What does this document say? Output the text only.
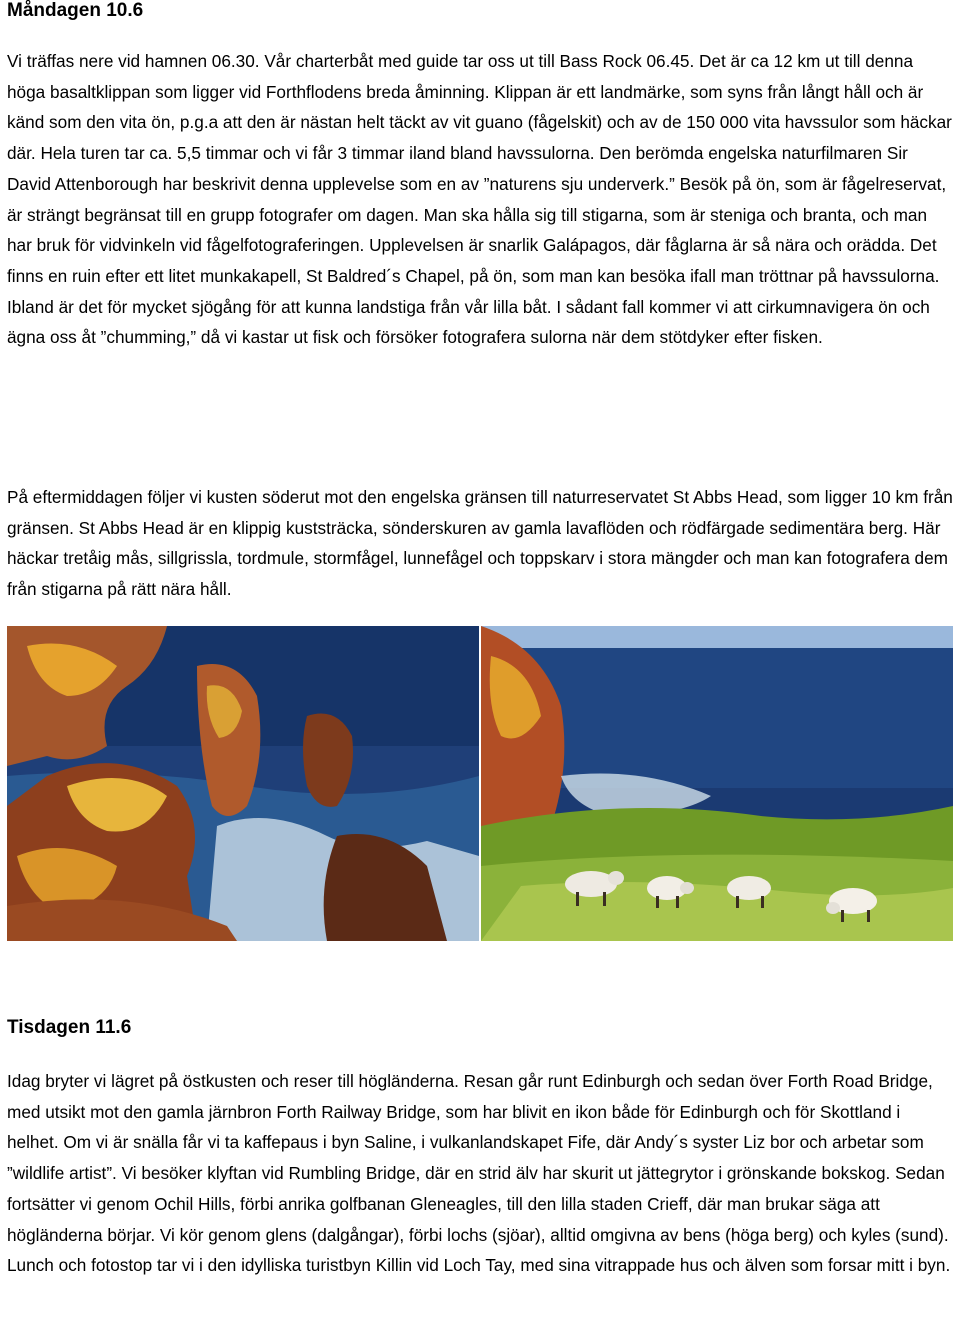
Måndagen 10.6

Vi träffas nere vid hamnen 06.30. Vår charterbåt med guide tar oss ut till Bass Rock 06.45. Det är ca 12 km ut till denna höga basaltklippan som ligger vid Forthflodens breda åminning. Klippan är ett landmärke, som syns från långt håll och är känd som den vita ön, p.g.a att den är nästan helt täckt av vit guano (fågelskit) och av de 150 000 vita havssulor som häckar där. Hela turen tar ca. 5,5 timmar och vi får 3 timmar iland bland havssulorna. Den berömda engelska naturfilmaren Sir David Attenborough har beskrivit denna upplevelse som en av ”naturens sju underverk.” Besök på ön, som är fågelreservat, är strängt begränsat till en grupp fotografer om dagen. Man ska hålla sig till stigarna, som är steniga och branta, och man har bruk för vidvinkeln vid fågelfotograferingen. Upplevelsen är snarlik Galápagos, där fåglarna är så nära och orädda. Det finns en ruin efter ett litet munkakapell, St Baldred´s Chapel, på ön, som man kan besöka ifall man tröttnar på havssulorna. Ibland är det för mycket sjögång för att kunna landstiga från vår lilla båt. I sådant fall kommer vi att cirkumnavigera ön och ägna oss åt ”chumming,” då vi kastar ut fisk och försöker fotografera sulorna när dem stötdyker efter fisken.

På eftermiddagen följer vi kusten söderut mot den engelska gränsen till naturreservatet St Abbs Head, som ligger 10 km från gränsen. St Abbs Head är en klippig kuststräcka, sönderskuren av gamla lavaflöden och rödfärgade sedimentära berg. Här häckar tretåig mås, sillgrissla, tordmule, stormfågel, lunnefågel och toppskarv i stora mängder och man kan fotografera dem från stigarna på rätt nära håll.

Tisdagen 11.6

Idag bryter vi lägret på östkusten och reser till högländerna. Resan går runt Edinburgh och sedan över Forth Road Bridge, med utsikt mot den gamla järnbron Forth Railway Bridge, som har blivit en ikon både för Edinburgh och för Skottland i helhet. Om vi är snälla får vi ta kaffepaus i byn Saline, i vulkanlandskapet Fife, där Andy´s syster Liz bor och arbetar som ”wildlife artist”. Vi besöker klyftan vid Rumbling Bridge, där en strid älv har skurit ut jättegrytor i grönskande bokskog. Sedan fortsätter vi genom Ochil Hills, förbi anrika golfbanan Gleneagles, till den lilla staden Crieff, där man brukar säga att högländerna börjar. Vi kör genom glens (dalgångar), förbi lochs (sjöar), alltid omgivna av bens (höga berg) och kyles (sund). Lunch och fotostop tar vi i den idylliska turistbyn Killin vid Loch Tay, med sina vitrappade hus och älven som forsar mitt i byn.
